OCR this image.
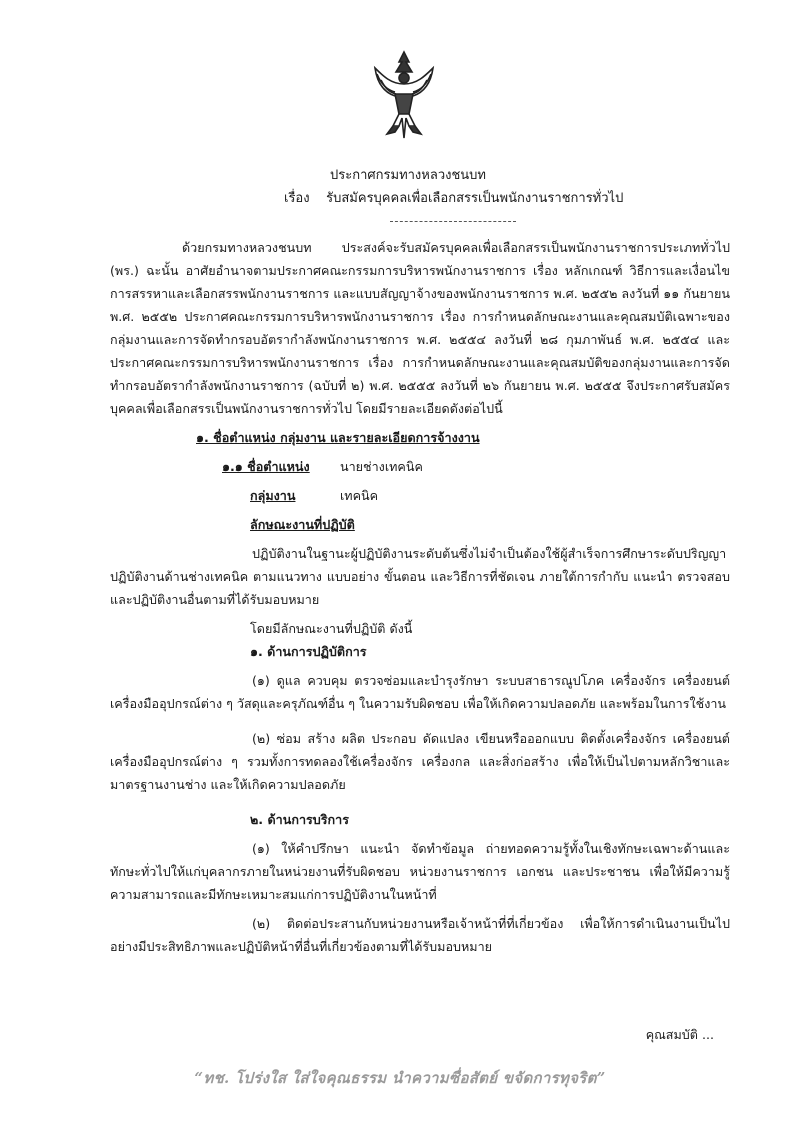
ประกาศกรมทางหลวงชนบท
เรื่อง รับสมัครบุคคลเพื่อเลือกสรรเป็นพนักงานราชการทั่วไป

ด้วยกรมทางหลวงชนบท ประสงค์จะรับสมัครบุคคลเพื่อเลือกสรรเป็นพนักงานราชการประเภททั่วไป (พร.) ฉะนั้น อาศัยอำนาจตามประกาศคณะกรรมการบริหารพนักงานราชการ เรื่อง หลักเกณฑ์ วิธีการและเงื่อนไขการสรรหาและเลือกสรรพนักงานราชการ และแบบสัญญาจ้างของพนักงานราชการ พ.ศ. ๒๕๕๒ ลงวันที่ ๑๑ กันยายน พ.ศ. ๒๕๕๒ ประกาศคณะกรรมการบริหารพนักงานราชการ เรื่อง การกำหนดลักษณะงานและคุณสมบัติเฉพาะของกลุ่มงานและการจัดทำกรอบอัตรากำลังพนักงานราชการ พ.ศ. ๒๕๕๔ ลงวันที่ ๒๘ กุมภาพันธ์ พ.ศ. ๒๕๕๔ และประกาศคณะกรรมการบริหารพนักงานราชการ เรื่อง การกำหนดลักษณะงานและคุณสมบัติของกลุ่มงานและการจัดทำกรอบอัตรากำลังพนักงานราชการ (ฉบับที่ ๒) พ.ศ. ๒๕๕๕ ลงวันที่ ๒๖ กันยายน พ.ศ. ๒๕๕๕ จึงประกาศรับสมัครบุคคลเพื่อเลือกสรรเป็นพนักงานราชการทั่วไป โดยมีรายละเอียดดังต่อไปนี้

๑. ชื่อตำแหน่ง กลุ่มงาน และรายละเอียดการจ้างงาน

๑.๑ ชื่อตำแหน่ง	นายช่างเทคนิค
กลุ่มงาน	เทคนิค

ลักษณะงานที่ปฏิบัติ

ปฏิบัติงานในฐานะผู้ปฏิบัติงานระดับต้นซึ่งไม่จำเป็นต้องใช้ผู้สำเร็จการศึกษาระดับปริญญา ปฏิบัติงานด้านช่างเทคนิค ตามแนวทาง แบบอย่าง ขั้นตอน และวิธีการที่ชัดเจน ภายใต้การกำกับ แนะนำ ตรวจสอบ และปฏิบัติงานอื่นตามที่ได้รับมอบหมาย

โดยมีลักษณะงานที่ปฏิบัติ ดังนี้

๑. ด้านการปฏิบัติการ

(๑) ดูแล ควบคุม ตรวจซ่อมและบำรุงรักษา ระบบสาธารณูปโภค เครื่องจักร เครื่องยนต์ เครื่องมืออุปกรณ์ต่าง ๆ วัสดุและครุภัณฑ์อื่น ๆ ในความรับผิดชอบ เพื่อให้เกิดความปลอดภัย และพร้อมในการใช้งาน

(๒) ซ่อม สร้าง ผลิต ประกอบ ดัดแปลง เขียนหรือออกแบบ ติดตั้งเครื่องจักร เครื่องยนต์ เครื่องมืออุปกรณ์ต่าง ๆ รวมทั้งการทดลองใช้เครื่องจักร เครื่องกล และสิ่งก่อสร้าง เพื่อให้เป็นไปตามหลักวิชาและมาตรฐานงานช่าง และให้เกิดความปลอดภัย

๒. ด้านการบริการ

(๑) ให้คำปรึกษา แนะนำ จัดทำข้อมูล ถ่ายทอดความรู้ทั้งในเชิงทักษะเฉพาะด้านและทักษะทั่วไปให้แก่บุคลากรภายในหน่วยงานที่รับผิดชอบ หน่วยงานราชการ เอกชน และประชาชน เพื่อให้มีความรู้ ความสามารถและมีทักษะเหมาะสมแก่การปฏิบัติงานในหน้าที่

(๒) ติดต่อประสานกับหน่วยงานหรือเจ้าหน้าที่ที่เกี่ยวข้อง เพื่อให้การดำเนินงานเป็นไปอย่างมีประสิทธิภาพและปฏิบัติหน้าที่อื่นที่เกี่ยวข้องตามที่ได้รับมอบหมาย

คุณสมบัติ ...
“ทช. โปร่งใส ใส่ใจคุณธรรม นำความซื่อสัตย์ ขจัดการทุจริต”
